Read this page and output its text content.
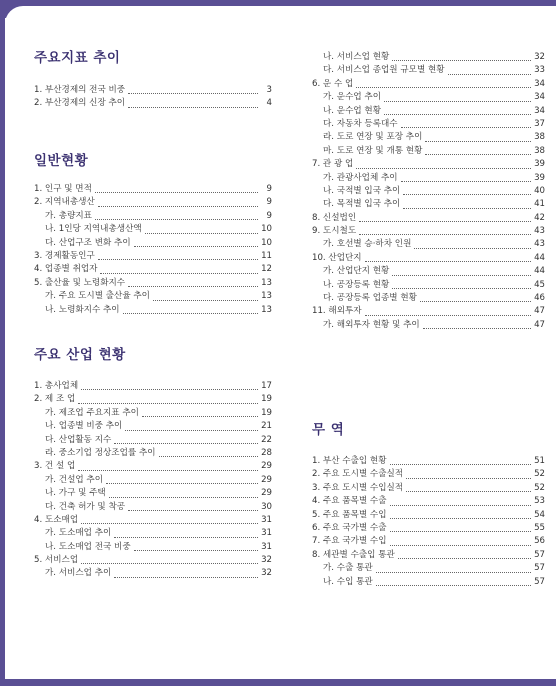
주요지표 추이
1. 부산경제의 전국 비중	3
2. 부산경제의 신장 추이	4
일반현황
1. 인구 및 면적	9
2. 지역내총생산	9
가. 총량지표	9
나. 1인당 지역내총생산액	10
다. 산업구조 변화 추이	10
3. 경제활동인구	11
4. 업종별 취업자	12
5. 출산율 및 노령화지수	13
가. 주요 도시별 출산율 추이	13
나. 노령화지수 추이	13
주요 산업 현황
1. 총사업체	17
2. 제 조 업	19
가. 제조업 주요지표 추이	19
나. 업종별 비중 추이	21
다. 산업활동 지수	22
라. 중소기업 정상조업률 추이	28
3. 건 설 업	29
가. 건설업 추이	29
나. 가구 및 주택	29
다. 건축 허가 및 착공	30
4. 도소매업	31
가. 도소매업 추이	31
나. 도소매업 전국 비중	31
5. 서비스업	32
가. 서비스업 추이	32
나. 서비스업 현황	32
다. 서비스업 종업원 규모별 현황	33
6. 운 수 업	34
가. 운수업 추이	34
나. 운수업 현황	34
다. 자동차 등록대수	37
라. 도로 연장 및 포장 추이	38
마. 도로 연장 및 개통 현황	38
7. 관 광 업	39
가. 관광사업체 추이	39
나. 국적별 입국 추이	40
다. 목적별 입국 추이	41
8. 신설법인	42
9. 도시철도	43
가. 호선별 승·하차 인원	43
10. 산업단지	44
가. 산업단지 현황	44
나. 공장등록 현황	45
다. 공장등록 업종별 현황	46
11. 해외투자	47
가. 해외투자 현황 및 추이	47
무 역
1. 부산 수출입 현황	51
2. 주요 도시별 수출실적	52
3. 주요 도시별 수입실적	52
4. 주요 품목별 수출	53
5. 주요 품목별 수입	54
6. 주요 국가별 수출	55
7. 주요 국가별 수입	56
8. 세관별 수출입 통관	57
가. 수출 통관	57
나. 수입 통관	57
